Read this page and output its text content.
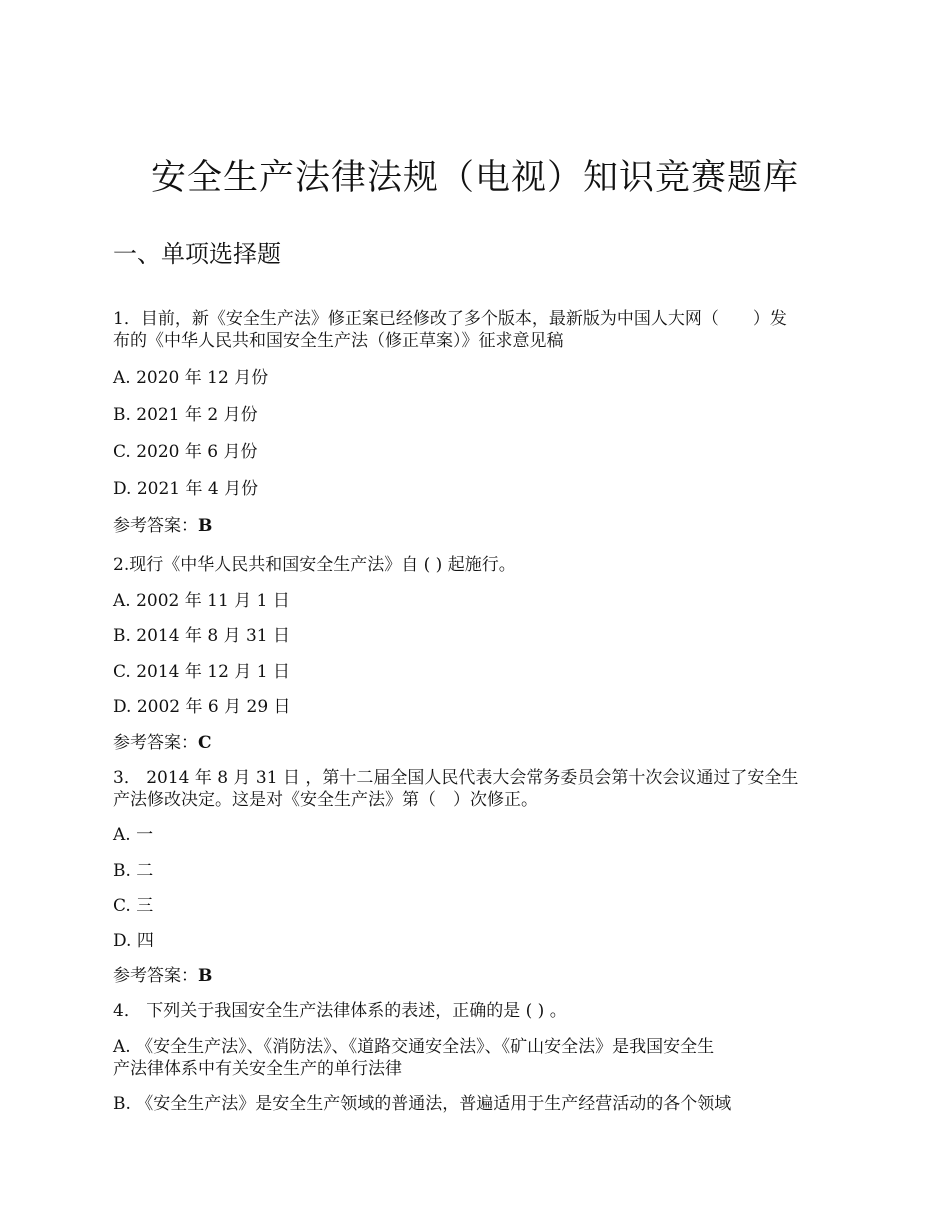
安全生产法律法规（电视）知识竞赛题库
一、单项选择题
1．目前，新《安全生产法》修正案已经修改了多个版本，最新版为中国人大网（　　）发
布的《中华人民共和国安全生产法（修正草案）》征求意见稿
A. 2020 年 12 月份
B. 2021 年 2 月份
C. 2020 年 6 月份
D. 2021 年 4 月份
参考答案：B
2.现行《中华人民共和国安全生产法》自 ( ) 起施行。
A. 2002 年 11 月 1 日
B. 2014 年 8 月 31 日
C. 2014 年 12 月 1 日
D. 2002 年 6 月 29 日
参考答案：C
3． 2014 年 8 月 31 日 ，第十二届全国人民代表大会常务委员会第十次会议通过了安全生
产法修改决定。这是对《安全生产法》第（　）次修正。
A. 一
B. 二
C. 三
D. 四
参考答案：B
4． 下列关于我国安全生产法律体系的表述，正确的是 ( ) 。
A. 《安全生产法》、《消防法》、《道路交通安全法》、《矿山安全法》是我国安全生
产法律体系中有关安全生产的单行法律
B. 《安全生产法》是安全生产领域的普通法，普遍适用于生产经营活动的各个领域
